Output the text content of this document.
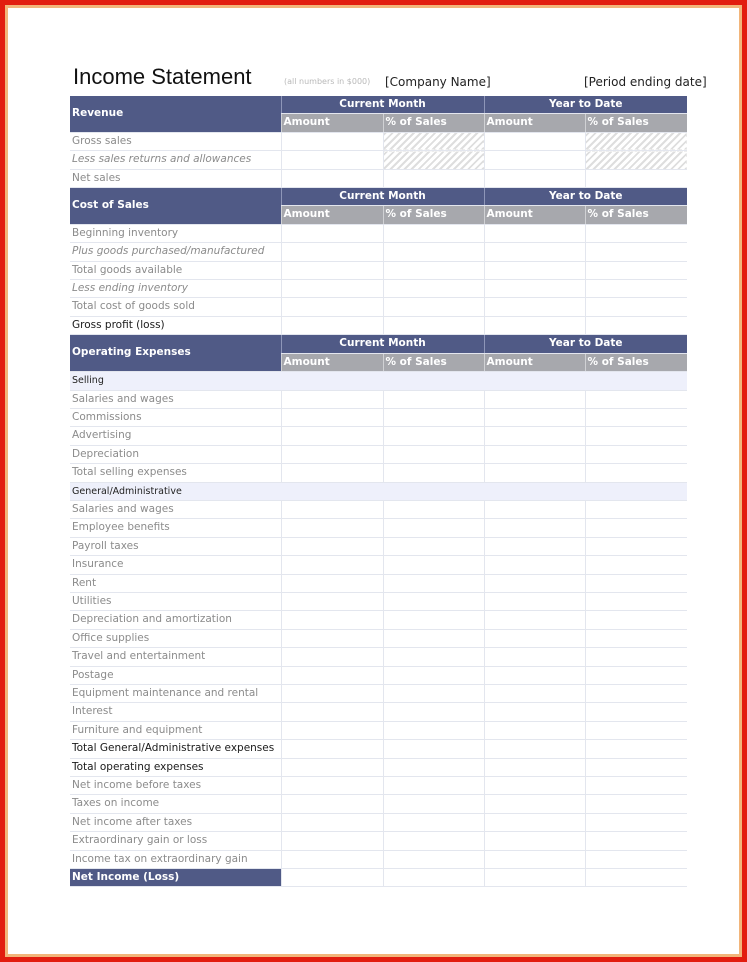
Income Statement	(all numbers in $000) [Company Name]	[Period ending date]
Revenue	Current Month		Year to Date	
	Amount	% of Sales	Amount	% of Sales
Gross sales				
Less sales returns and allowances				
Net sales				
Cost of Sales	Current Month		Year to Date	
	Amount	% of Sales	Amount	% of Sales
Beginning inventory				
Plus goods purchased/manufactured				
Total goods available				
Less ending inventory				
Total cost of goods sold				
Gross profit (loss)				
Operating Expenses	Current Month		Year to Date	
	Amount	% of Sales	Amount	% of Sales
Selling				
Salaries and wages				
Commissions				
Advertising				
Depreciation				
Total selling expenses				
General/Administrative				
Salaries and wages				
Employee benefits				
Payroll taxes				
Insurance				
Rent				
Utilities				
Depreciation and amortization				
Office supplies				
Travel and entertainment				
Postage				
Equipment maintenance and rental				
Interest				
Furniture and equipment				
Total General/Administrative expenses				
Total operating expenses				
Net income before taxes				
Taxes on income				
Net income after taxes				
Extraordinary gain or loss				
Income tax on extraordinary gain				
Net Income (Loss)				
